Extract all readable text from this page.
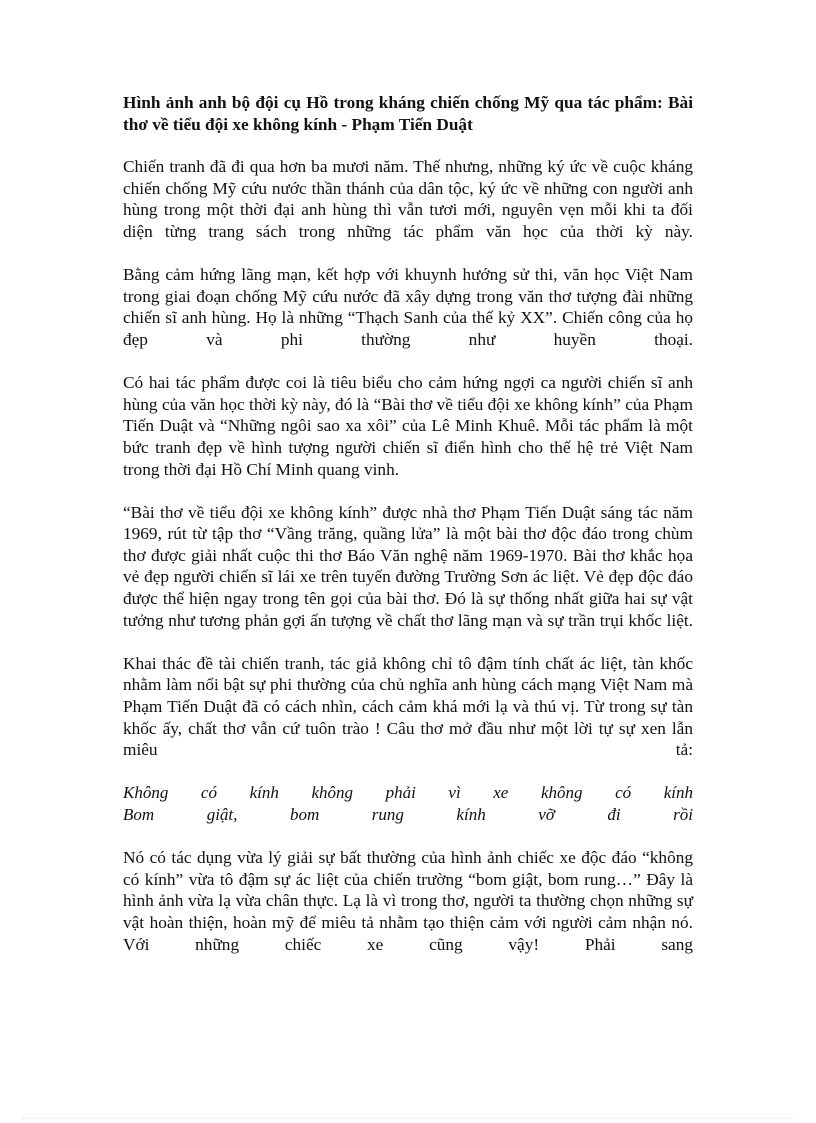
Hình ảnh anh bộ đội cụ Hồ trong kháng chiến chống Mỹ qua tác phẩm: Bài thơ về tiểu đội xe không kính - Phạm Tiến Duật
Chiến tranh đã đi qua hơn ba mươi năm. Thế nhưng, những ký ức về cuộc kháng chiến chống Mỹ cứu nước thần thánh của dân tộc, ký ức về những con người anh hùng trong một thời đại anh hùng thì vẫn tươi mới, nguyên vẹn mỗi khi ta đối diện từng trang sách trong những tác phẩm văn học của thời kỳ này.
Bằng cảm hứng lãng mạn, kết hợp với khuynh hướng sử thi, văn học Việt Nam trong giai đoạn chống Mỹ cứu nước đã xây dựng trong văn thơ tượng đài những chiến sĩ anh hùng. Họ là những “Thạch Sanh của thế kỷ XX”. Chiến công của họ đẹp và phi thường như huyền thoại.
Có hai tác phẩm được coi là tiêu biểu cho cảm hứng ngợi ca người chiến sĩ anh hùng của văn học thời kỳ này, đó là “Bài thơ về tiểu đội xe không kính” của Phạm Tiến Duật và “Những ngôi sao xa xôi” của Lê Minh Khuê. Mỗi tác phẩm là một bức tranh đẹp về hình tượng người chiến sĩ điển hình cho thế hệ trẻ Việt Nam trong thời đại Hồ Chí Minh quang vinh.
“Bài thơ về tiểu đội xe không kính” được nhà thơ Phạm Tiến Duật sáng tác năm 1969, rút từ tập thơ “Vầng trăng, quầng lửa” là một bài thơ độc đáo trong chùm thơ được giải nhất cuộc thi thơ Báo Văn nghệ năm 1969-1970. Bài thơ khắc họa vẻ đẹp người chiến sĩ lái xe trên tuyến đường Trường Sơn ác liệt. Vẻ đẹp độc đáo được thể hiện ngay trong tên gọi của bài thơ. Đó là sự thống nhất giữa hai sự vật tưởng như tương phản gợi ấn tượng về chất thơ lãng mạn và sự trần trụi khốc liệt.
Khai thác đề tài chiến tranh, tác giả không chỉ tô đậm tính chất ác liệt, tàn khốc nhằm làm nổi bật sự phi thường của chủ nghĩa anh hùng cách mạng Việt Nam mà Phạm Tiến Duật đã có cách nhìn, cách cảm khá mới lạ và thú vị. Từ trong sự tàn khốc ấy, chất thơ vẫn cứ tuôn trào ! Câu thơ mở đầu như một lời tự sự xen lẫn miêu tả:
Không có kính không phải vì xe không có kính
Bom giật, bom rung kính vỡ đi rồi
Nó có tác dụng vừa lý giải sự bất thường của hình ảnh chiếc xe độc đáo “không có kính” vừa tô đậm sự ác liệt của chiến trường “bom giật, bom rung…” Đây là hình ảnh vừa lạ vừa chân thực. Lạ là vì trong thơ, người ta thường chọn những sự vật hoàn thiện, hoàn mỹ để miêu tả nhằm tạo thiện cảm với người cảm nhận nó. Với những chiếc xe cũng vậy! Phải sang
